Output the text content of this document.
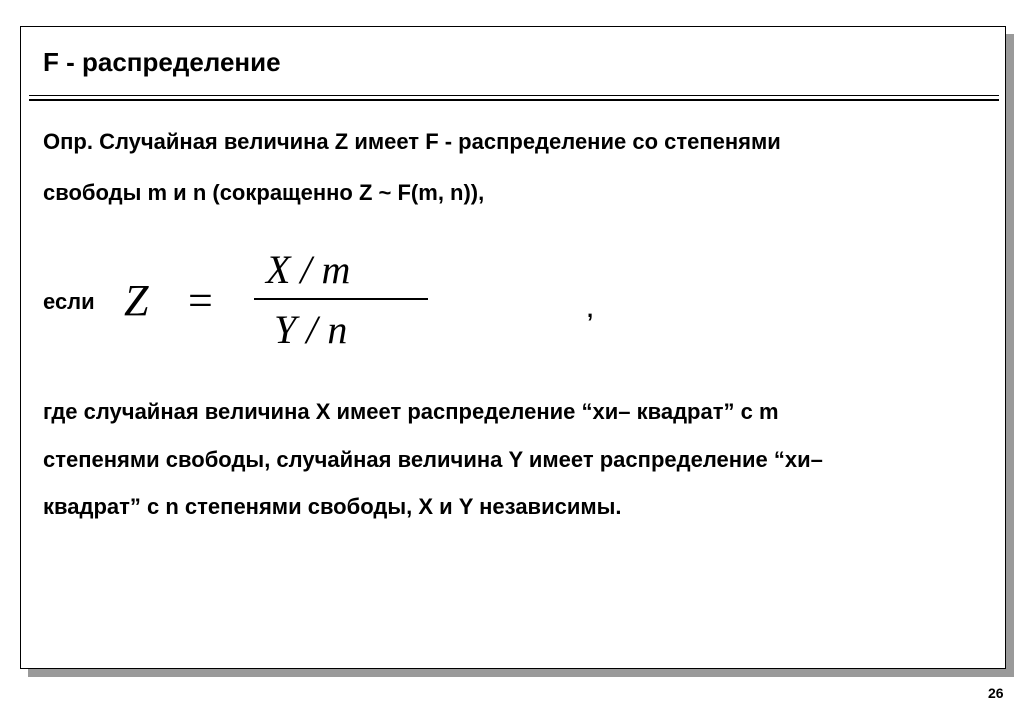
F - распределение
Опр. Случайная величина Z имеет F - распределение со степенями
свободы m и n (сокращенно Z ~ F(m, n)),
если Z =
X / m
Y / n	,
где случайная величина X имеет распределение “хи– квадрат” с m
степенями свободы, случайная величина Y имеет распределение “хи–
квадрат” с n степенями свободы, X и Y независимы.
26
